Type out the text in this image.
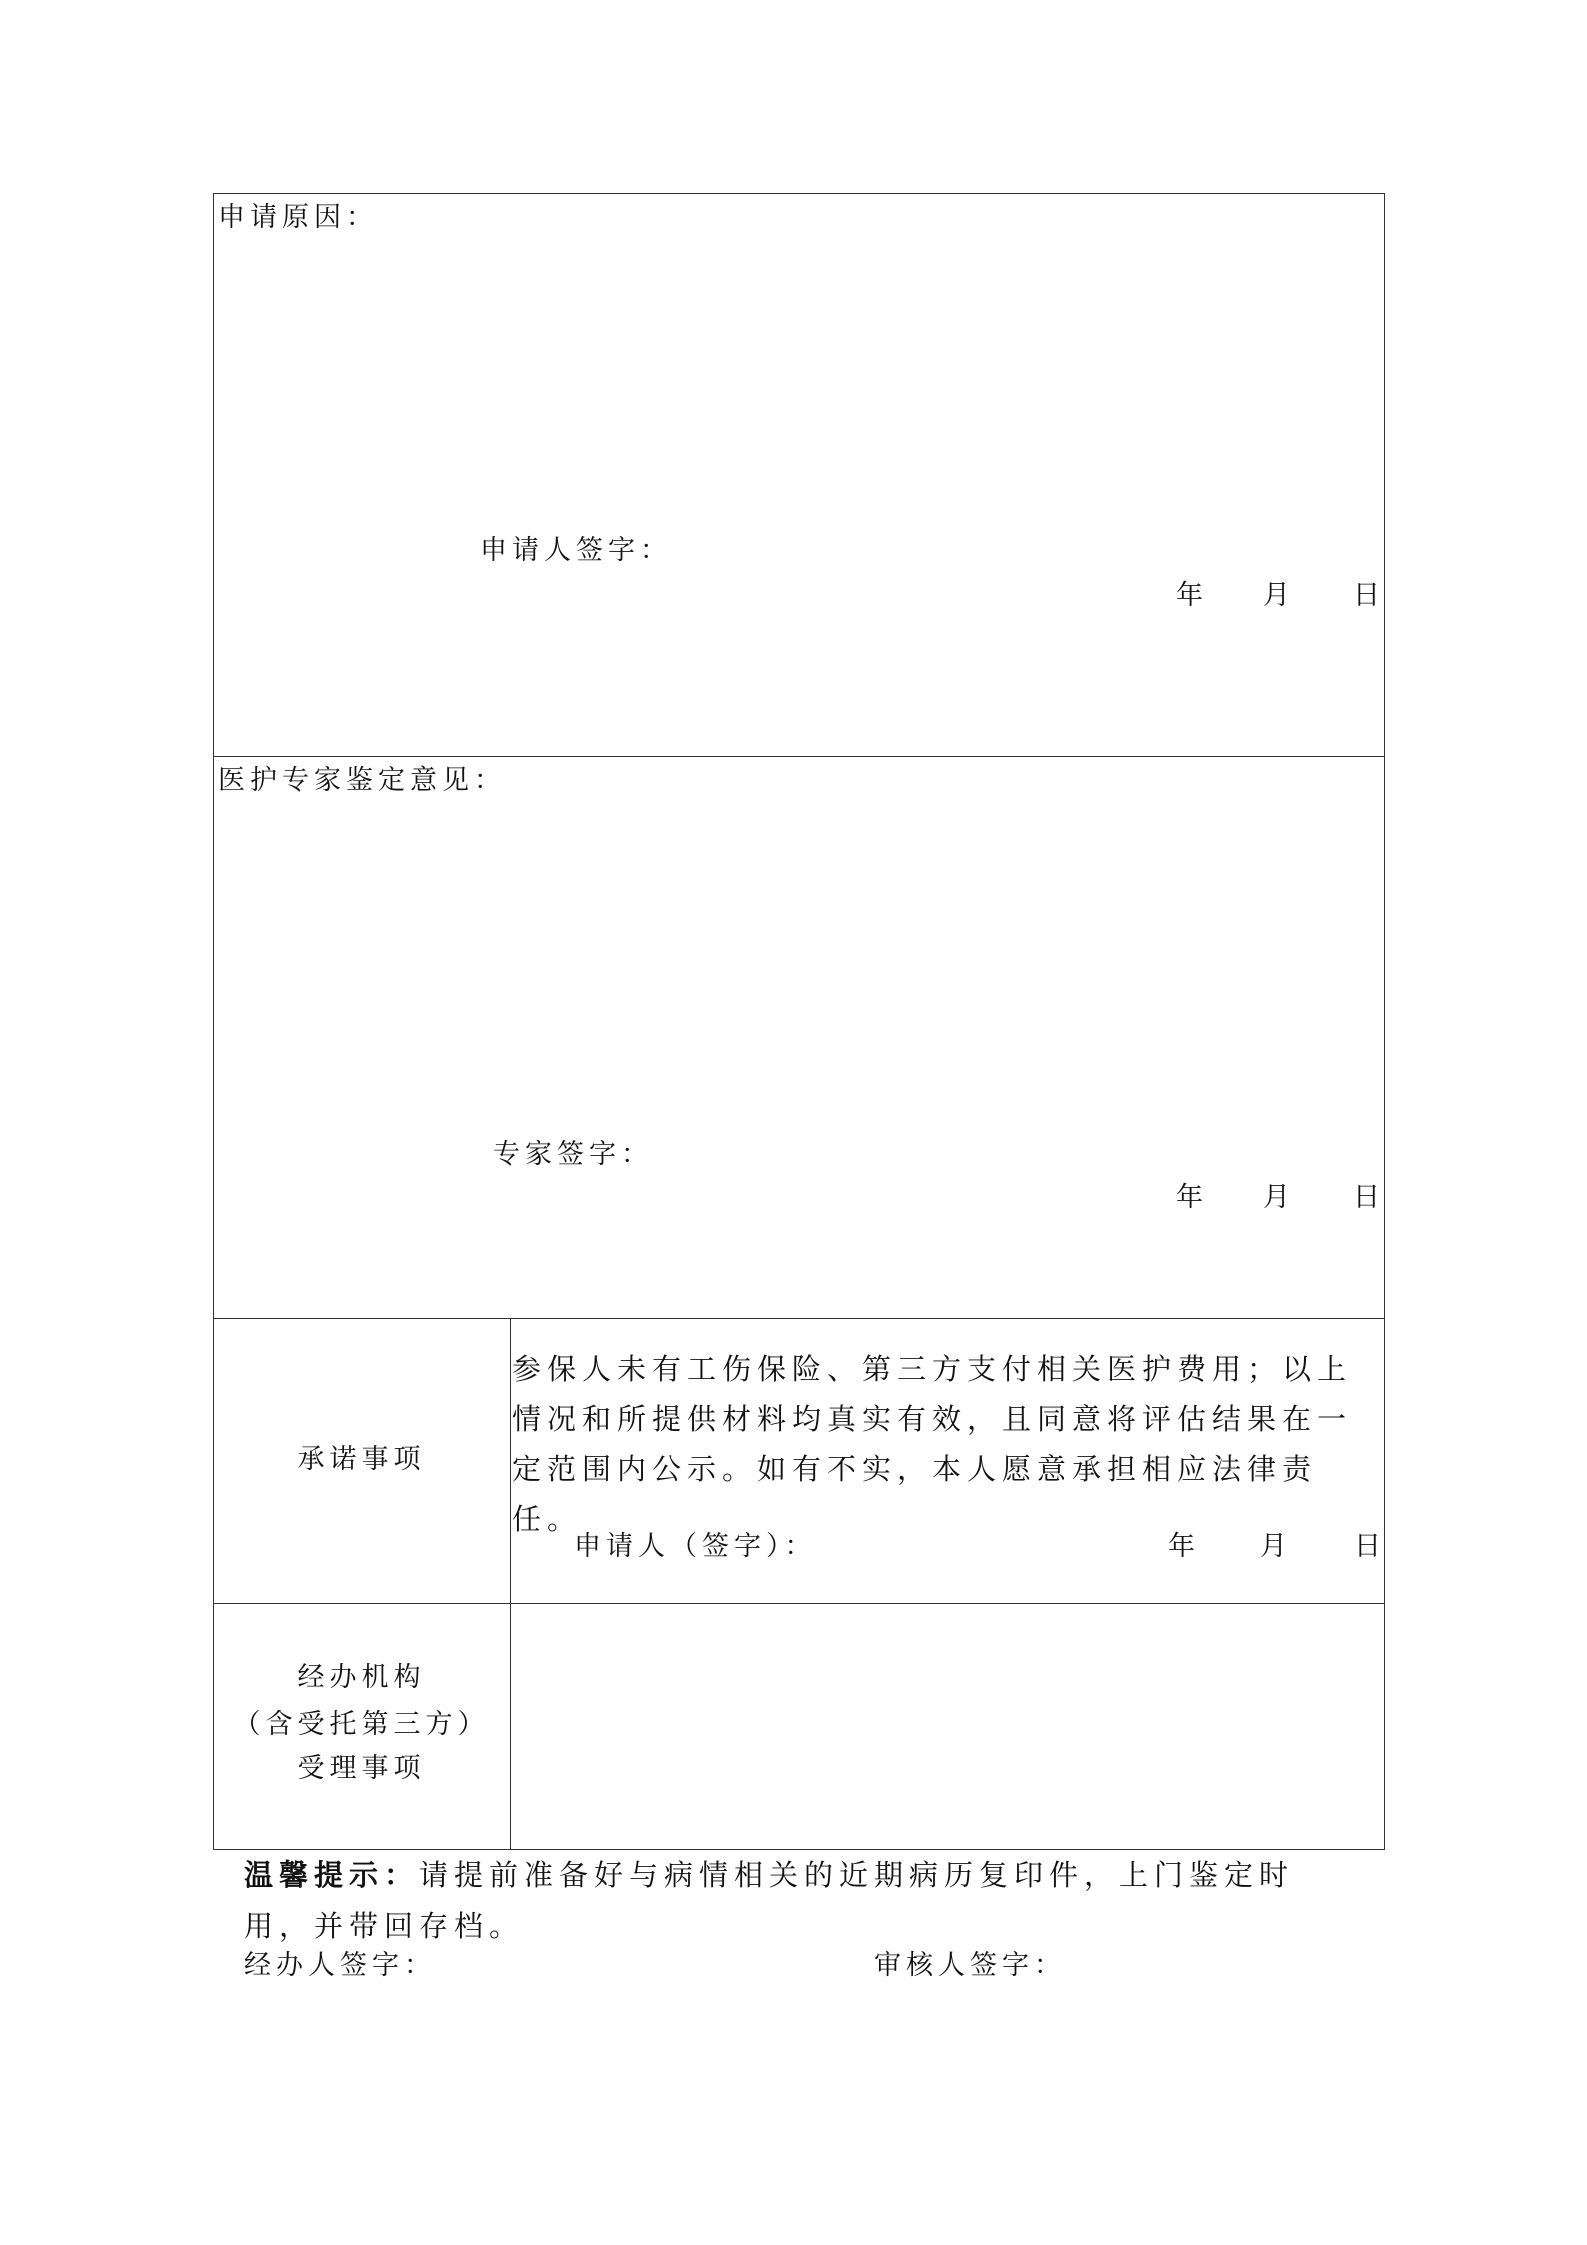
申请原因：
申请人签字：
年 月 日
医护专家鉴定意见：
专家签字：
年 月 日
承诺事项
参保人未有工伤保险、第三方支付相关医护费用；以上情况和所提供材料均真实有效，且同意将评估结果在一定范围内公示。如有不实，本人愿意承担相应法律责任。
申请人（签字）：	年 月 日
经办机构
（含受托第三方）
受理事项
温馨提示：请提前准备好与病情相关的近期病历复印件，上门鉴定时用，并带回存档。
经办人签字：	审核人签字：
